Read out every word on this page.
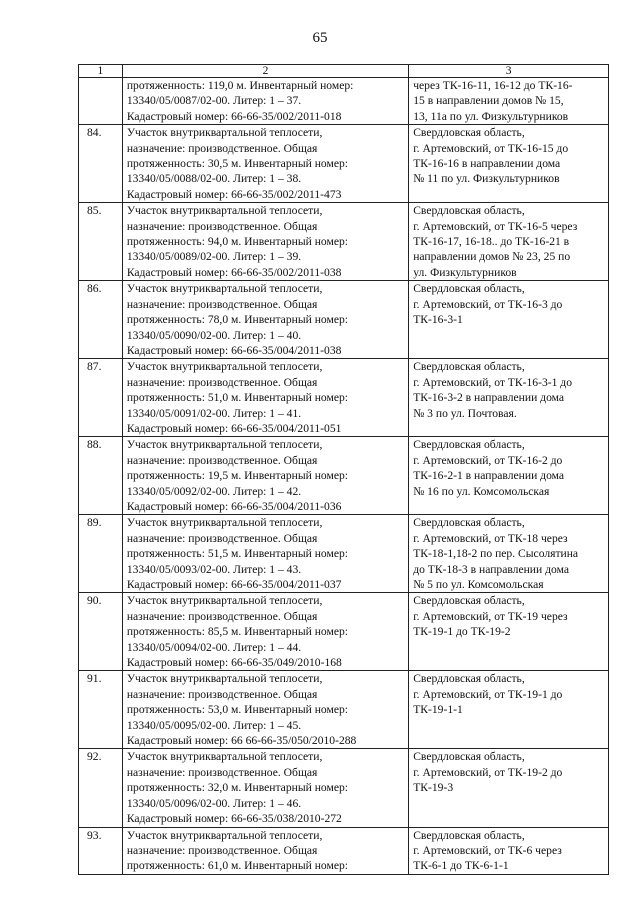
65
1	2	3

	протяженность: 119,0 м. Инвентарный номер:
13340/05/0087/02-00. Литер: 1 – 37.
Кадастровый номер: 66-66-35/002/2011-018	через ТК-16-11, 16-12 до ТК-16-
15 в направлении домов № 15,
13, 11а по ул. Физкультурников

84.	Участок внутриквартальной теплосети,
назначение: производственное. Общая
протяженность: 30,5 м. Инвентарный номер:
13340/05/0088/02-00. Литер: 1 – 38.
Кадастровый номер: 66-66-35/002/2011-473	Свердловская область,
г. Артемовский, от ТК-16-15 до
ТК-16-16 в направлении дома
№ 11 по ул. Физкультурников

85.	Участок внутриквартальной теплосети,
назначение: производственное. Общая
протяженность: 94,0 м. Инвентарный номер:
13340/05/0089/02-00. Литер: 1 – 39.
Кадастровый номер: 66-66-35/002/2011-038	Свердловская область,
г. Артемовский, от ТК-16-5 через
ТК-16-17, 16-18.. до ТК-16-21 в
направлении домов № 23, 25 по
ул. Физкультурников

86.	Участок внутриквартальной теплосети,
назначение: производственное. Общая
протяженность: 78,0 м. Инвентарный номер:
13340/05/0090/02-00. Литер: 1 – 40.
Кадастровый номер: 66-66-35/004/2011-038	Свердловская область,
г. Артемовский, от ТК-16-3 до
ТК-16-3-1

87.	Участок внутриквартальной теплосети,
назначение: производственное. Общая
протяженность: 51,0 м. Инвентарный номер:
13340/05/0091/02-00. Литер: 1 – 41.
Кадастровый номер: 66-66-35/004/2011-051	Свердловская область,
г. Артемовский, от ТК-16-3-1 до
ТК-16-3-2 в направлении дома
№ 3 по ул. Почтовая.

88.	Участок внутриквартальной теплосети,
назначение: производственное. Общая
протяженность: 19,5 м. Инвентарный номер:
13340/05/0092/02-00. Литер: 1 – 42.
Кадастровый номер: 66-66-35/004/2011-036	Свердловская область,
г. Артемовский, от ТК-16-2 до
ТК-16-2-1 в направлении дома
№ 16 по ул. Комсомольская

89.	Участок внутриквартальной теплосети,
назначение: производственное. Общая
протяженность: 51,5 м. Инвентарный номер:
13340/05/0093/02-00. Литер: 1 – 43.
Кадастровый номер: 66-66-35/004/2011-037	Свердловская область,
г. Артемовский, от ТК-18 через
ТК-18-1,18-2 по пер. Сысолятина
до ТК-18-3 в направлении дома
№ 5 по ул. Комсомольская

90.	Участок внутриквартальной теплосети,
назначение: производственное. Общая
протяженность: 85,5 м. Инвентарный номер:
13340/05/0094/02-00. Литер: 1 – 44.
Кадастровый номер: 66-66-35/049/2010-168	Свердловская область,
г. Артемовский, от ТК-19 через
ТК-19-1 до ТК-19-2

91.	Участок внутриквартальной теплосети,
назначение: производственное. Общая
протяженность: 53,0 м. Инвентарный номер:
13340/05/0095/02-00. Литер: 1 – 45.
Кадастровый номер: 66 66-66-35/050/2010-288	Свердловская область,
г. Артемовский, от ТК-19-1 до
ТК-19-1-1

92.	Участок внутриквартальной теплосети,
назначение: производственное. Общая
протяженность: 32,0 м. Инвентарный номер:
13340/05/0096/02-00. Литер: 1 – 46.
Кадастровый номер: 66-66-35/038/2010-272	Свердловская область,
г. Артемовский, от ТК-19-2 до
ТК-19-3

93.	Участок внутриквартальной теплосети,
назначение: производственное. Общая
протяженность: 61,0 м. Инвентарный номер:	Свердловская область,
г. Артемовский, от ТК-6 через
ТК-6-1 до ТК-6-1-1
